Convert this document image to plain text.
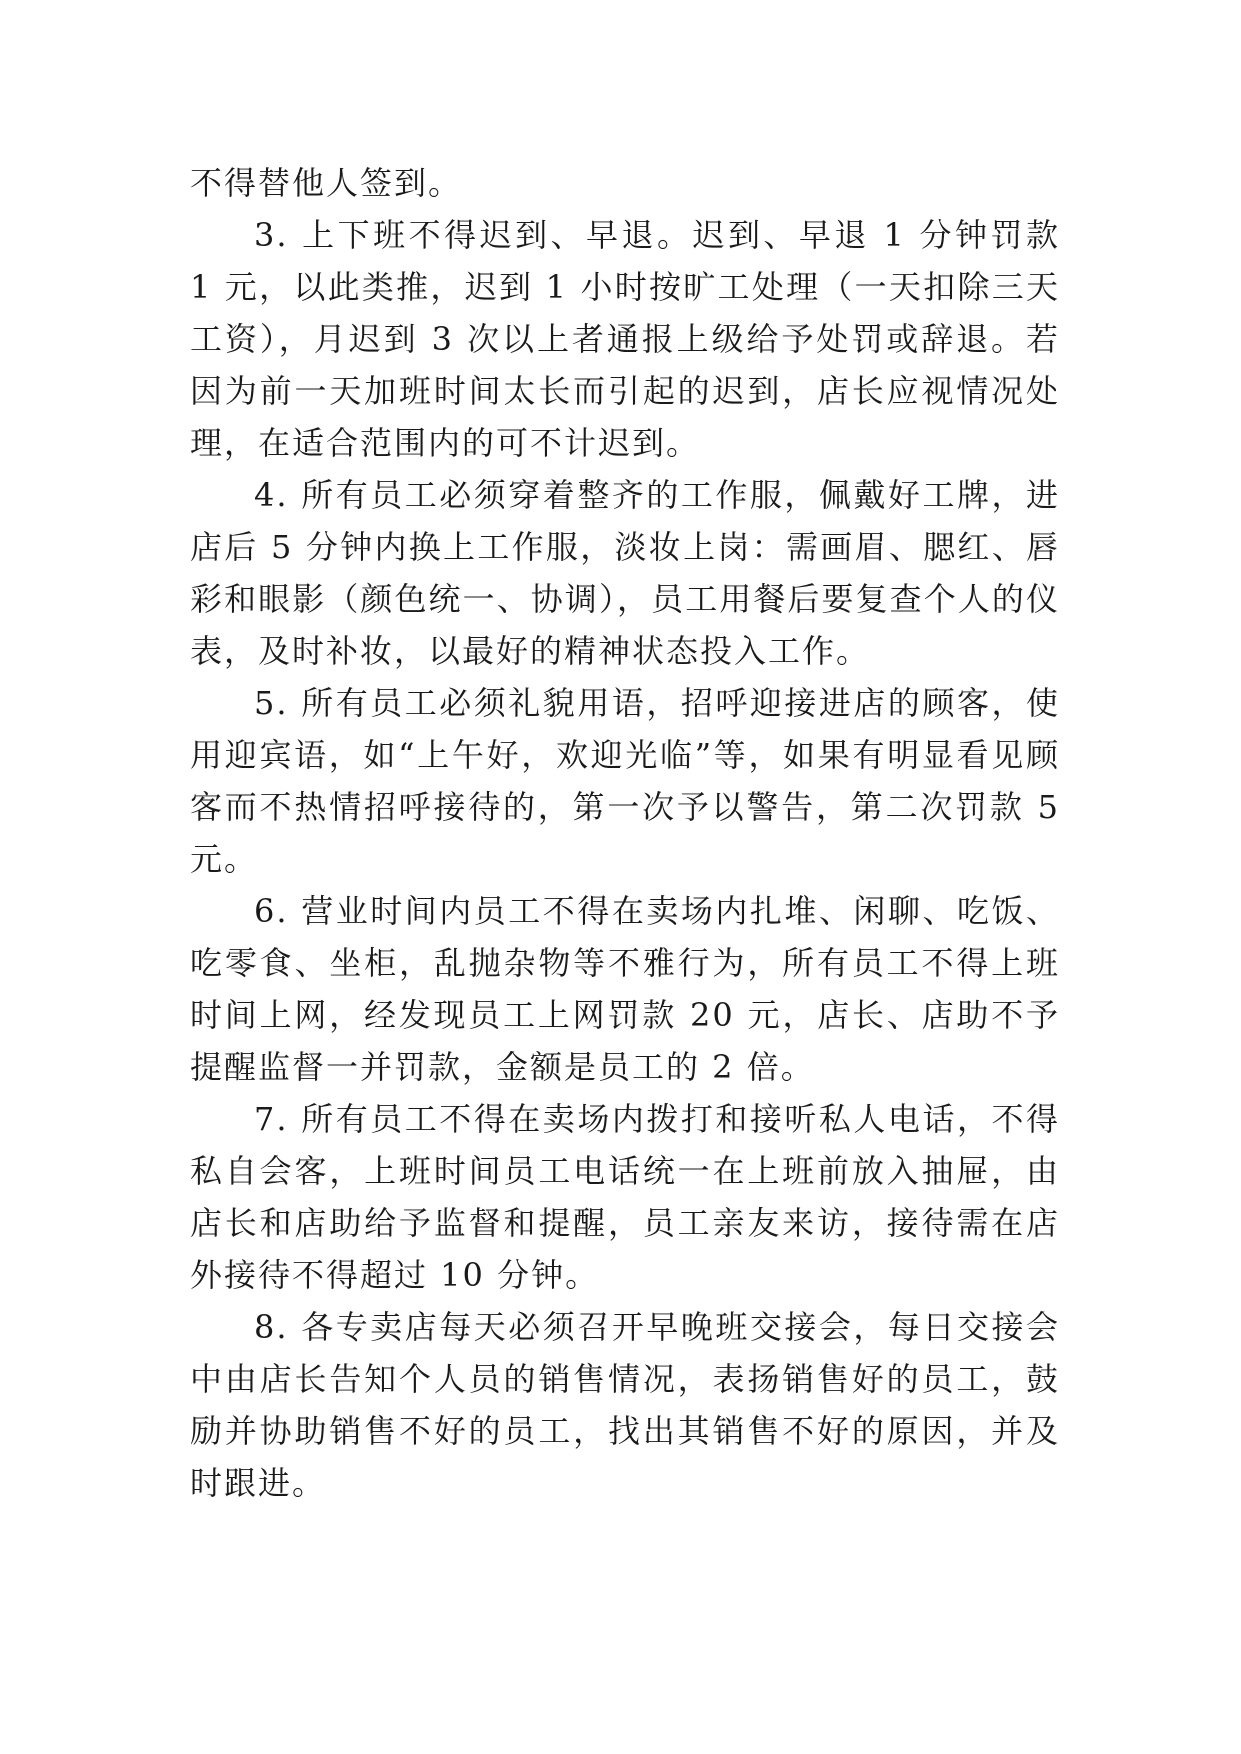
不得替他人签到。

3. 上下班不得迟到、早退。迟到、早退 1 分钟罚款 1 元，以此类推，迟到 1 小时按旷工处理（一天扣除三天工资），月迟到 3 次以上者通报上级给予处罚或辞退。若因为前一天加班时间太长而引起的迟到，店长应视情况处理，在适合范围内的可不计迟到。

4. 所有员工必须穿着整齐的工作服，佩戴好工牌，进店后 5 分钟内换上工作服，淡妆上岗：需画眉、腮红、唇彩和眼影（颜色统一、协调），员工用餐后要复查个人的仪表，及时补妆，以最好的精神状态投入工作。

5. 所有员工必须礼貌用语，招呼迎接进店的顾客，使用迎宾语，如“上午好，欢迎光临”等，如果有明显看见顾客而不热情招呼接待的，第一次予以警告，第二次罚款 5 元。

6. 营业时间内员工不得在卖场内扎堆、闲聊、吃饭、吃零食、坐柜，乱抛杂物等不雅行为，所有员工不得上班时间上网，经发现员工上网罚款 20 元，店长、店助不予提醒监督一并罚款，金额是员工的 2 倍。

7. 所有员工不得在卖场内拨打和接听私人电话，不得私自会客，上班时间员工电话统一在上班前放入抽屉，由店长和店助给予监督和提醒，员工亲友来访，接待需在店外接待不得超过 10 分钟。

8. 各专卖店每天必须召开早晚班交接会，每日交接会中由店长告知个人员的销售情况，表扬销售好的员工，鼓励并协助销售不好的员工，找出其销售不好的原因，并及时跟进。
